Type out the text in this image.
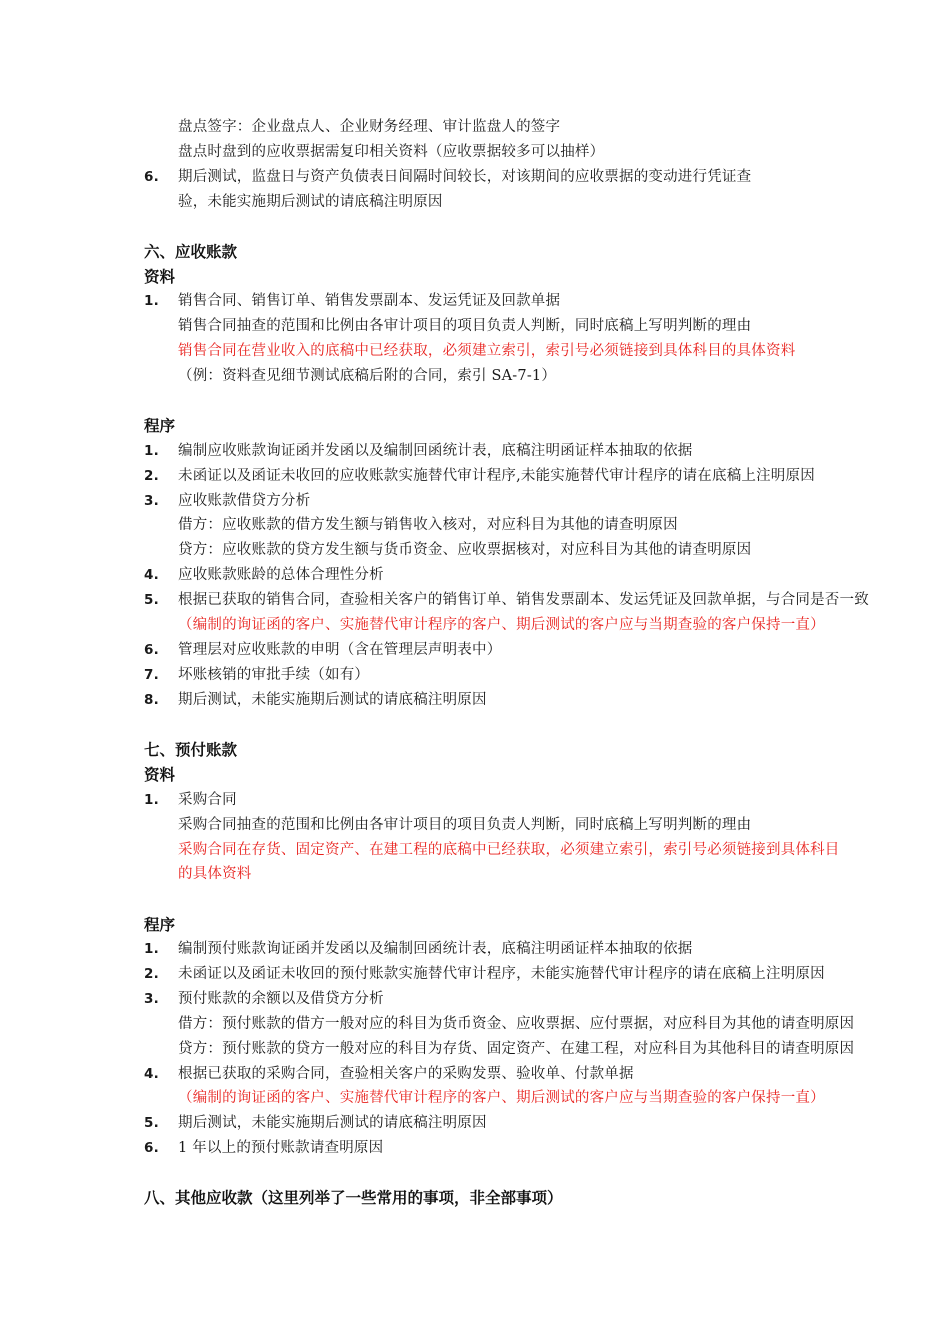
盘点签字：企业盘点人、企业财务经理、审计监盘人的签字
盘点时盘到的应收票据需复印相关资料（应收票据较多可以抽样）
6. 期后测试，监盘日与资产负债表日间隔时间较长，对该期间的应收票据的变动进行凭证查
验，未能实施期后测试的请底稿注明原因
六、应收账款
资料
1. 销售合同、销售订单、销售发票副本、发运凭证及回款单据
销售合同抽查的范围和比例由各审计项目的项目负责人判断，同时底稿上写明判断的理由
销售合同在营业收入的底稿中已经获取，必须建立索引，索引号必须链接到具体科目的具体资料
（例：资料查见细节测试底稿后附的合同，索引 SA-7-1）
程序
1. 编制应收账款询证函并发函以及编制回函统计表，底稿注明函证样本抽取的依据
2. 未函证以及函证未收回的应收账款实施替代审计程序,未能实施替代审计程序的请在底稿上注明原因
3. 应收账款借贷方分析
借方：应收账款的借方发生额与销售收入核对，对应科目为其他的请查明原因
贷方：应收账款的贷方发生额与货币资金、应收票据核对，对应科目为其他的请查明原因
4. 应收账款账龄的总体合理性分析
5. 根据已获取的销售合同，查验相关客户的销售订单、销售发票副本、发运凭证及回款单据，与合同是否一致
（编制的询证函的客户、实施替代审计程序的客户、期后测试的客户应与当期查验的客户保持一直）
6. 管理层对应收账款的申明（含在管理层声明表中）
7. 坏账核销的审批手续（如有）
8. 期后测试，未能实施期后测试的请底稿注明原因
七、预付账款
资料
1. 采购合同
采购合同抽查的范围和比例由各审计项目的项目负责人判断，同时底稿上写明判断的理由
采购合同在存货、固定资产、在建工程的底稿中已经获取，必须建立索引，索引号必须链接到具体科目
的具体资料
程序
1. 编制预付账款询证函并发函以及编制回函统计表，底稿注明函证样本抽取的依据
2. 未函证以及函证未收回的预付账款实施替代审计程序，未能实施替代审计程序的请在底稿上注明原因
3. 预付账款的余额以及借贷方分析
借方：预付账款的借方一般对应的科目为货币资金、应收票据、应付票据，对应科目为其他的请查明原因
贷方：预付账款的贷方一般对应的科目为存货、固定资产、在建工程，对应科目为其他科目的请查明原因
4. 根据已获取的采购合同，查验相关客户的采购发票、验收单、付款单据
（编制的询证函的客户、实施替代审计程序的客户、期后测试的客户应与当期查验的客户保持一直）
5. 期后测试，未能实施期后测试的请底稿注明原因
6. 1 年以上的预付账款请查明原因
八、其他应收款（这里列举了一些常用的事项，非全部事项）
